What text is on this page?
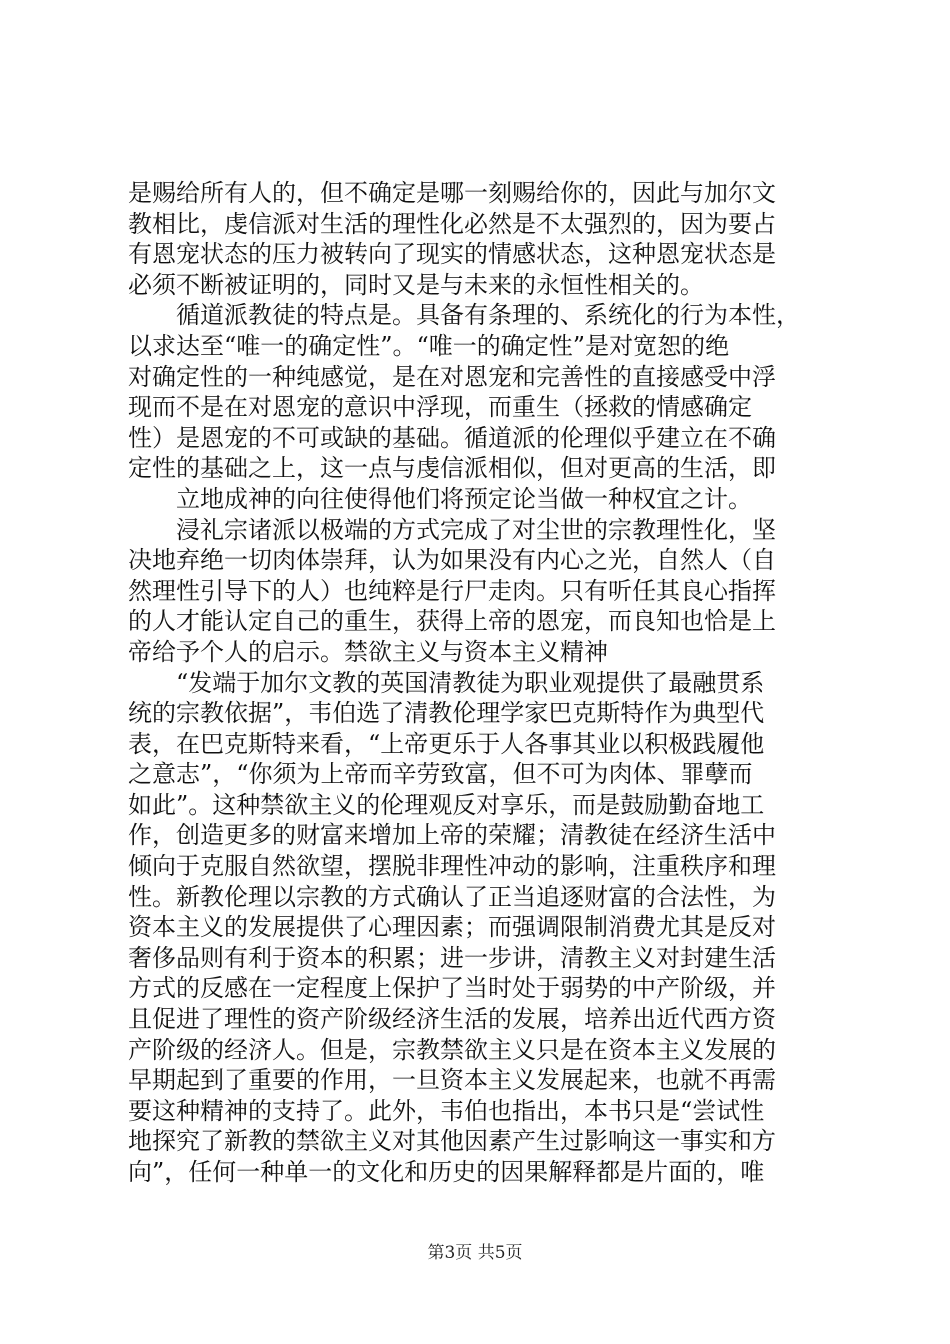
是赐给所有人的，但不确定是哪一刻赐给你的，因此与加尔文
教相比，虔信派对生活的理性化必然是不太强烈的，因为要占
有恩宠状态的压力被转向了现实的情感状态，这种恩宠状态是
必须不断被证明的，同时又是与未来的永恒性相关的。
循道派教徒的特点是。具备有条理的、系统化的行为本性，
以求达至“唯一的确定性”。“唯一的确定性”是对宽恕的绝
对确定性的一种纯感觉，是在对恩宠和完善性的直接感受中浮
现而不是在对恩宠的意识中浮现，而重生（拯救的情感确定
性）是恩宠的不可或缺的基础。循道派的伦理似乎建立在不确
定性的基础之上，这一点与虔信派相似，但对更高的生活，即
立地成神的向往使得他们将预定论当做一种权宜之计。
浸礼宗诸派以极端的方式完成了对尘世的宗教理性化，坚
决地弃绝一切肉体崇拜，认为如果没有内心之光，自然人（自
然理性引导下的人）也纯粹是行尸走肉。只有听任其良心指挥
的人才能认定自己的重生，获得上帝的恩宠，而良知也恰是上
帝给予个人的启示。禁欲主义与资本主义精神
“发端于加尔文教的英国清教徒为职业观提供了最融贯系
统的宗教依据”，韦伯选了清教伦理学家巴克斯特作为典型代
表，在巴克斯特来看，“上帝更乐于人各事其业以积极践履他
之意志”，“你须为上帝而辛劳致富，但不可为肉体、罪孽而
如此”。这种禁欲主义的伦理观反对享乐，而是鼓励勤奋地工
作，创造更多的财富来增加上帝的荣耀；清教徒在经济生活中
倾向于克服自然欲望，摆脱非理性冲动的影响，注重秩序和理
性。新教伦理以宗教的方式确认了正当追逐财富的合法性，为
资本主义的发展提供了心理因素；而强调限制消费尤其是反对
奢侈品则有利于资本的积累；进一步讲，清教主义对封建生活
方式的反感在一定程度上保护了当时处于弱势的中产阶级，并
且促进了理性的资产阶级经济生活的发展，培养出近代西方资
产阶级的经济人。但是，宗教禁欲主义只是在资本主义发展的
早期起到了重要的作用，一旦资本主义发展起来，也就不再需
要这种精神的支持了。此外，韦伯也指出，本书只是“尝试性
地探究了新教的禁欲主义对其他因素产生过影响这一事实和方
向”，任何一种单一的文化和历史的因果解释都是片面的，唯
第3页 共5页
